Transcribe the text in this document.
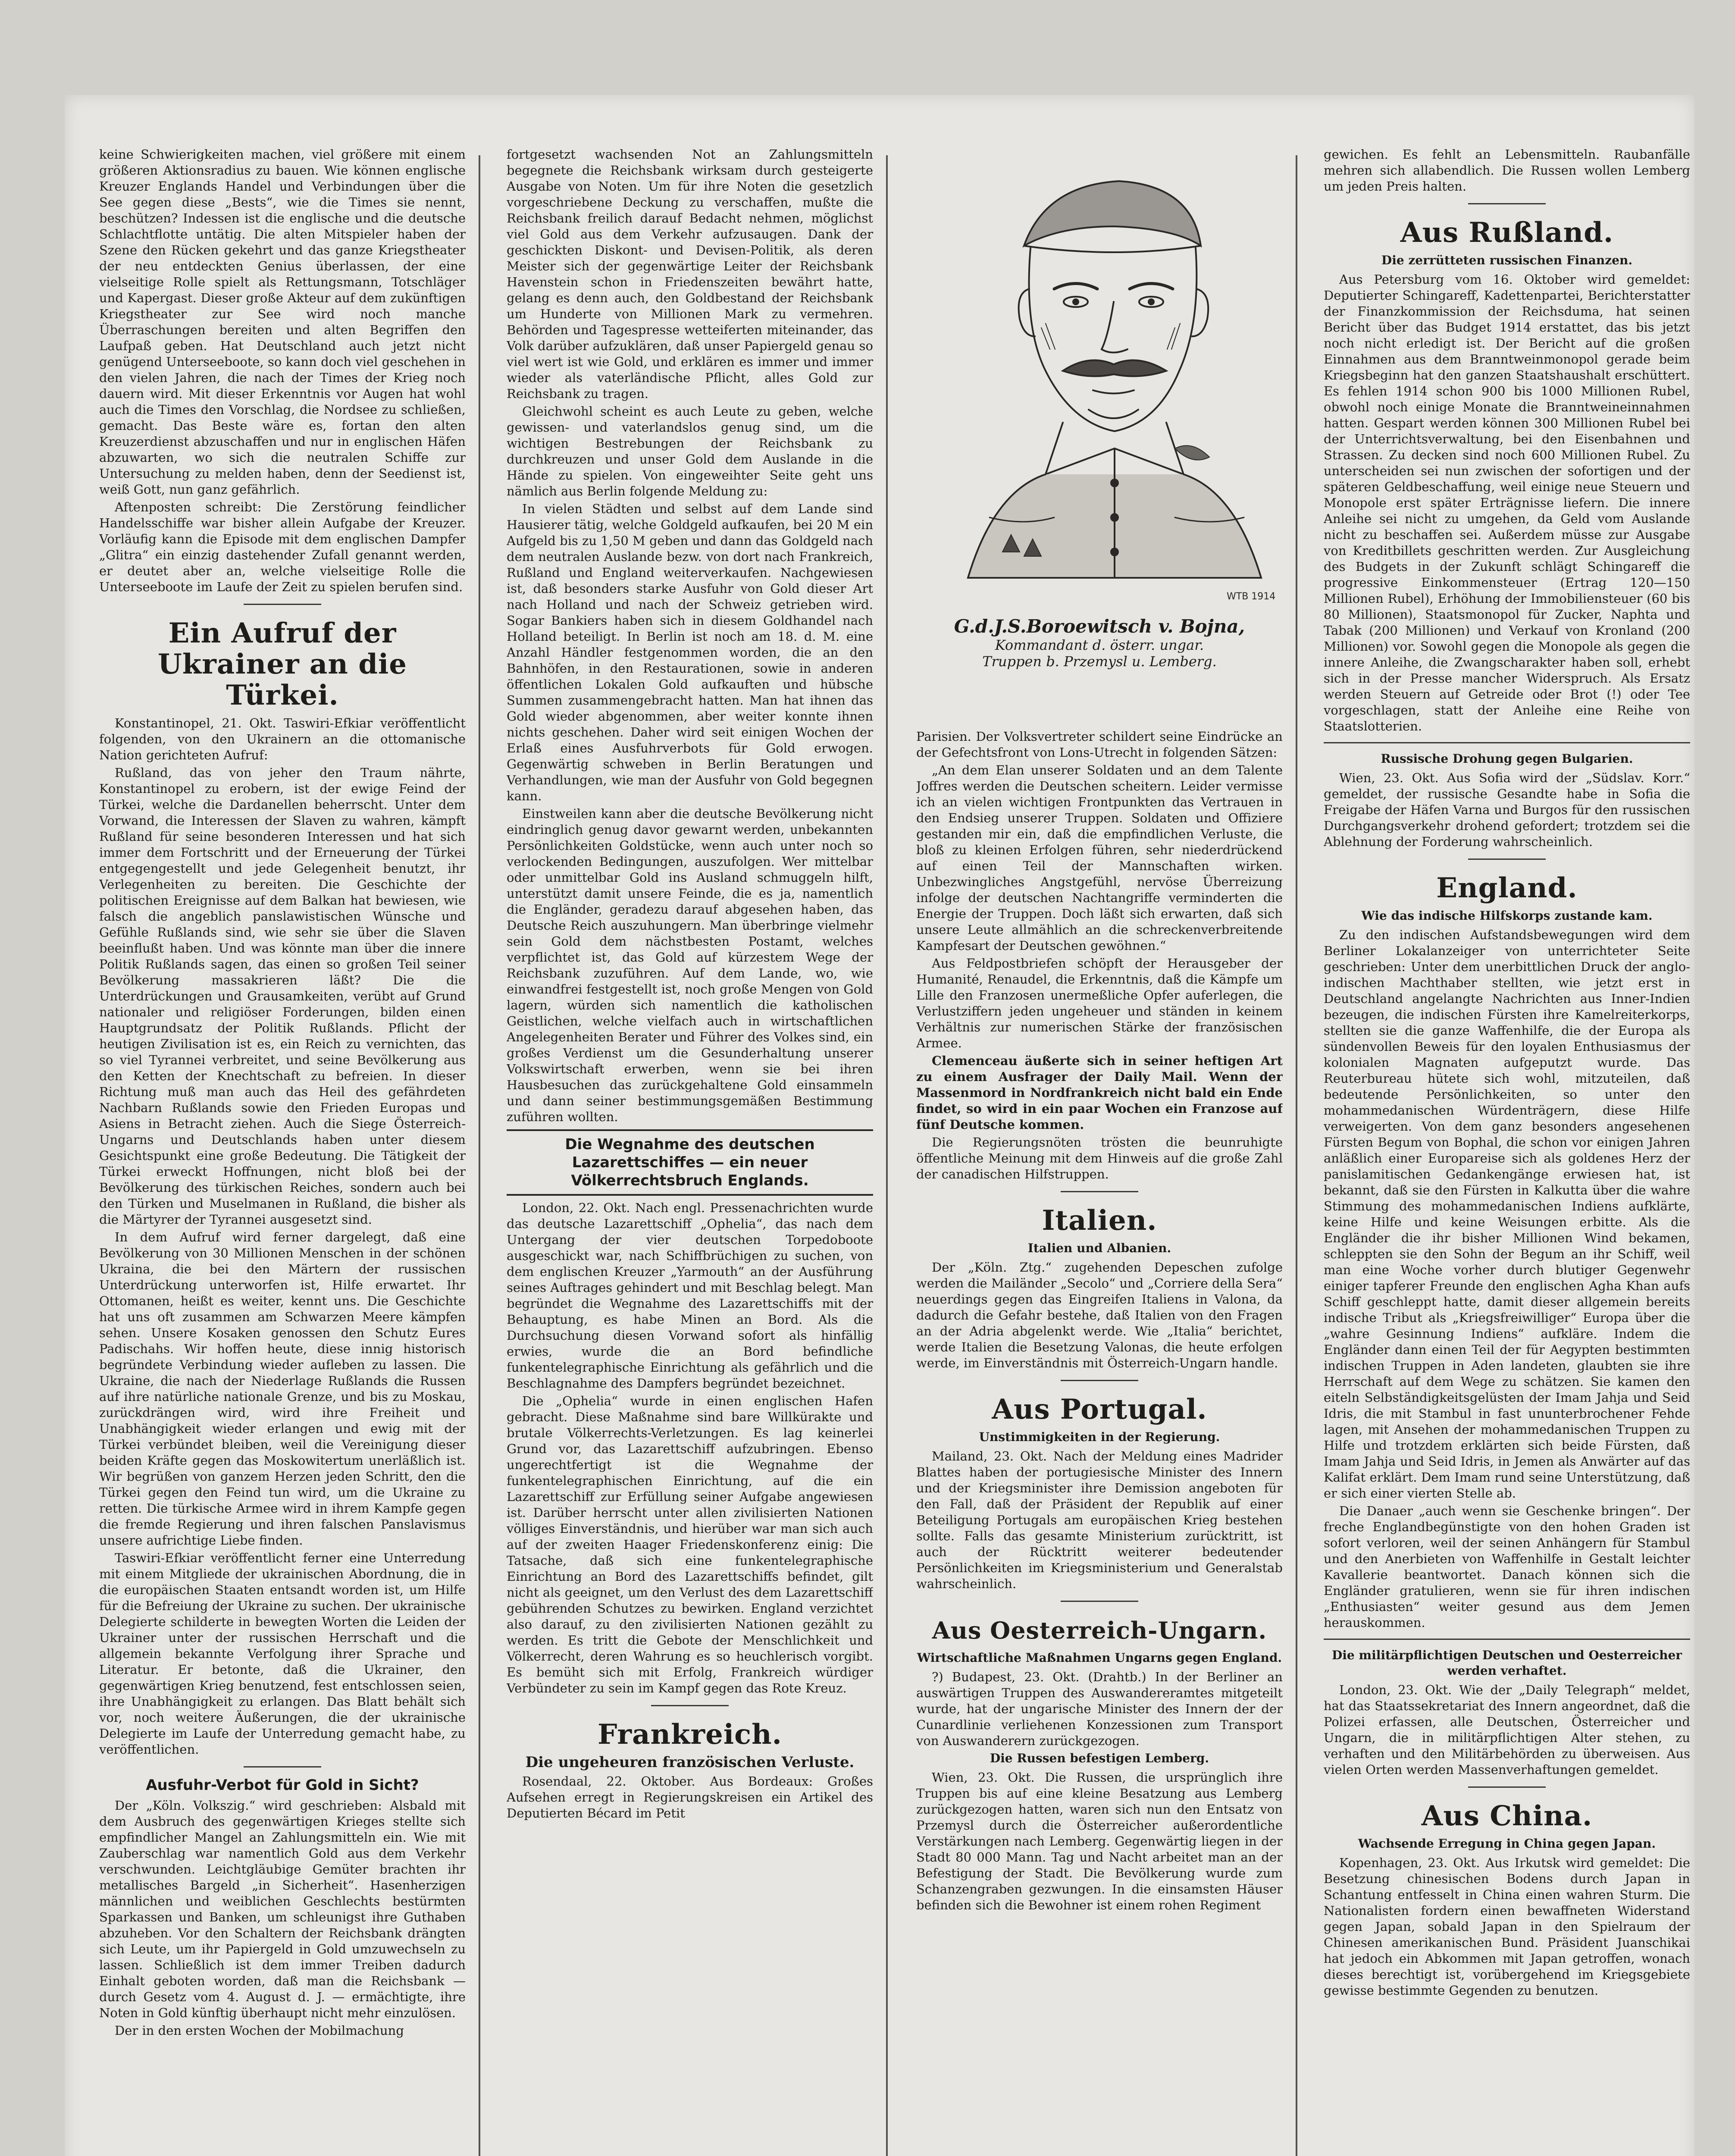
keine Schwierigkeiten machen, viel größere mit einem größeren Aktionsradius zu bauen. Wie können englische Kreuzer Englands Handel und Verbindungen über die See gegen diese „Bests“, wie die Times sie nennt, beschützen? Indessen ist die englische und die deutsche Schlachtflotte untätig. Die alten Mitspieler haben der Szene den Rücken gekehrt und das ganze Kriegstheater der neu entdeckten Genius überlassen, der eine vielseitige Rolle spielt als Rettungsmann, Totschläger und Kapergast. Dieser große Akteur auf dem zukünftigen Kriegstheater zur See wird noch manche Überraschungen bereiten und alten Begriffen den Laufpaß geben. Hat Deutschland auch jetzt nicht genügend Unterseeboote, so kann doch viel geschehen in den vielen Jahren, die nach der Times der Krieg noch dauern wird. Mit dieser Erkenntnis vor Augen hat wohl auch die Times den Vorschlag, die Nordsee zu schließen, gemacht. Das Beste wäre es, fortan den alten Kreuzerdienst abzuschaffen und nur in englischen Häfen abzuwarten, wo sich die neutralen Schiffe zur Untersuchung zu melden haben, denn der Seedienst ist, weiß Gott, nun ganz gefährlich.

Aftenposten schreibt: Die Zerstörung feindlicher Handelsschiffe war bisher allein Aufgabe der Kreuzer. Vorläufig kann die Episode mit dem englischen Dampfer „Glitra“ ein einzig dastehender Zufall genannt werden, er deutet aber an, welche vielseitige Rolle die Unterseeboote im Laufe der Zeit zu spielen berufen sind.

Ein Aufruf der Ukrainer an die Türkei.

Konstantinopel, 21. Okt. Taswiri-Efkiar veröffentlicht folgenden, von den Ukrainern an die ottomanische Nation gerichteten Aufruf:

Rußland, das von jeher den Traum nährte, Konstantinopel zu erobern, ist der ewige Feind der Türkei, welche die Dardanellen beherrscht. Unter dem Vorwand, die Interessen der Slaven zu wahren, kämpft Rußland für seine besonderen Interessen und hat sich immer dem Fortschritt und der Erneuerung der Türkei entgegengestellt und jede Gelegenheit benutzt, ihr Verlegenheiten zu bereiten. Die Geschichte der politischen Ereignisse auf dem Balkan hat bewiesen, wie falsch die angeblich panslawistischen Wünsche und Gefühle Rußlands sind, wie sehr sie über die Slaven beeinflußt haben. Und was könnte man über die innere Politik Rußlands sagen, das einen so großen Teil seiner Bevölkerung massakrieren läßt? Die die Unterdrückungen und Grausamkeiten, verübt auf Grund nationaler und religiöser Forderungen, bilden einen Hauptgrundsatz der Politik Rußlands. Pflicht der heutigen Zivilisation ist es, ein Reich zu vernichten, das so viel Tyrannei verbreitet, und seine Bevölkerung aus den Ketten der Knechtschaft zu befreien. In dieser Richtung muß man auch das Heil des gefährdeten Nachbarn Rußlands sowie den Frieden Europas und Asiens in Betracht ziehen. Auch die Siege Österreich-Ungarns und Deutschlands haben unter diesem Gesichtspunkt eine große Bedeutung. Die Tätigkeit der Türkei erweckt Hoffnungen, nicht bloß bei der Bevölkerung des türkischen Reiches, sondern auch bei den Türken und Muselmanen in Rußland, die bisher als die Märtyrer der Tyrannei ausgesetzt sind.

In dem Aufruf wird ferner dargelegt, daß eine Bevölkerung von 30 Millionen Menschen in der schönen Ukraina, die bei den Märtern der russischen Unterdrückung unterworfen ist, Hilfe erwartet. Ihr Ottomanen, heißt es weiter, kennt uns. Die Geschichte hat uns oft zusammen am Schwarzen Meere kämpfen sehen. Unsere Kosaken genossen den Schutz Eures Padischahs. Wir hoffen heute, diese innig historisch begründete Verbindung wieder aufleben zu lassen. Die Ukraine, die nach der Niederlage Rußlands die Russen auf ihre natürliche nationale Grenze, und bis zu Moskau, zurückdrängen wird, wird ihre Freiheit und Unabhängigkeit wieder erlangen und ewig mit der Türkei verbündet bleiben, weil die Vereinigung dieser beiden Kräfte gegen das Moskowitertum unerläßlich ist. Wir begrüßen von ganzem Herzen jeden Schritt, den die Türkei gegen den Feind tun wird, um die Ukraine zu retten. Die türkische Armee wird in ihrem Kampfe gegen die fremde Regierung und ihren falschen Panslavismus unsere aufrichtige Liebe finden.

Taswiri-Efkiar veröffentlicht ferner eine Unterredung mit einem Mitgliede der ukrainischen Abordnung, die in die europäischen Staaten entsandt worden ist, um Hilfe für die Befreiung der Ukraine zu suchen. Der ukrainische Delegierte schilderte in bewegten Worten die Leiden der Ukrainer unter der russischen Herrschaft und die allgemein bekannte Verfolgung ihrer Sprache und Literatur. Er betonte, daß die Ukrainer, den gegenwärtigen Krieg benutzend, fest entschlossen seien, ihre Unabhängigkeit zu erlangen. Das Blatt behält sich vor, noch weitere Äußerungen, die der ukrainische Delegierte im Laufe der Unterredung gemacht habe, zu veröffentlichen.

Ausfuhr-Verbot für Gold in Sicht?

Der „Köln. Volkszig.“ wird geschrieben: Alsbald mit dem Ausbruch des gegenwärtigen Krieges stellte sich empfindlicher Mangel an Zahlungsmitteln ein. Wie mit Zauberschlag war namentlich Gold aus dem Verkehr verschwunden. Leichtgläubige Gemüter brachten ihr metallisches Bargeld „in Sicherheit“. Hasenherzigen männlichen und weiblichen Geschlechts bestürmten Sparkassen und Banken, um schleunigst ihre Guthaben abzuheben. Vor den Schaltern der Reichsbank drängten sich Leute, um ihr Papiergeld in Gold umzuwechseln zu lassen. Schließlich ist dem immer Treiben dadurch Einhalt geboten worden, daß man die Reichsbank — durch Gesetz vom 4. August d. J. — ermächtigte, ihre Noten in Gold künftig überhaupt nicht mehr einzulösen.

Der in den ersten Wochen der Mobilmachung

fortgesetzt wachsenden Not an Zahlungsmitteln begegnete die Reichsbank wirksam durch gesteigerte Ausgabe von Noten. Um für ihre Noten die gesetzlich vorgeschriebene Deckung zu verschaffen, mußte die Reichsbank freilich darauf Bedacht nehmen, möglichst viel Gold aus dem Verkehr aufzusaugen. Dank der geschickten Diskont- und Devisen-Politik, als deren Meister sich der gegenwärtige Leiter der Reichsbank Havenstein schon in Friedenszeiten bewährt hatte, gelang es denn auch, den Goldbestand der Reichsbank um Hunderte von Millionen Mark zu vermehren. Behörden und Tagespresse wetteiferten miteinander, das Volk darüber aufzuklären, daß unser Papiergeld genau so viel wert ist wie Gold, und erklären es immer und immer wieder als vaterländische Pflicht, alles Gold zur Reichsbank zu tragen.

Gleichwohl scheint es auch Leute zu geben, welche gewissen- und vaterlandslos genug sind, um die wichtigen Bestrebungen der Reichsbank zu durchkreuzen und unser Gold dem Auslande in die Hände zu spielen. Von eingeweihter Seite geht uns nämlich aus Berlin folgende Meldung zu:

In vielen Städten und selbst auf dem Lande sind Hausierer tätig, welche Goldgeld aufkaufen, bei 20 M ein Aufgeld bis zu 1,50 M geben und dann das Goldgeld nach dem neutralen Auslande bezw. von dort nach Frankreich, Rußland und England weiterverkaufen. Nachgewiesen ist, daß besonders starke Ausfuhr von Gold dieser Art nach Holland und nach der Schweiz getrieben wird. Sogar Bankiers haben sich in diesem Goldhandel nach Holland beteiligt. In Berlin ist noch am 18. d. M. eine Anzahl Händler festgenommen worden, die an den Bahnhöfen, in den Restaurationen, sowie in anderen öffentlichen Lokalen Gold aufkauften und hübsche Summen zusammengebracht hatten. Man hat ihnen das Gold wieder abgenommen, aber weiter konnte ihnen nichts geschehen. Daher wird seit einigen Wochen der Erlaß eines Ausfuhrverbots für Gold erwogen. Gegenwärtig schweben in Berlin Beratungen und Verhandlungen, wie man der Ausfuhr von Gold begegnen kann.

Einstweilen kann aber die deutsche Bevölkerung nicht eindringlich genug davor gewarnt werden, unbekannten Persönlichkeiten Goldstücke, wenn auch unter noch so verlockenden Bedingungen, auszufolgen. Wer mittelbar oder unmittelbar Gold ins Ausland schmuggeln hilft, unterstützt damit unsere Feinde, die es ja, namentlich die Engländer, geradezu darauf abgesehen haben, das Deutsche Reich auszuhungern. Man überbringe vielmehr sein Gold dem nächstbesten Postamt, welches verpflichtet ist, das Gold auf kürzestem Wege der Reichsbank zuzuführen. Auf dem Lande, wo, wie einwandfrei festgestellt ist, noch große Mengen von Gold lagern, würden sich namentlich die katholischen Geistlichen, welche vielfach auch in wirtschaftlichen Angelegenheiten Berater und Führer des Volkes sind, ein großes Verdienst um die Gesunderhaltung unserer Volkswirtschaft erwerben, wenn sie bei ihren Hausbesuchen das zurückgehaltene Gold einsammeln und dann seiner bestimmungsgemäßen Bestimmung zuführen wollten.

Die Wegnahme des deutschen Lazarettschiffes — ein neuer Völkerrechtsbruch Englands.

London, 22. Okt. Nach engl. Pressenachrichten wurde das deutsche Lazarettschiff „Ophelia“, das nach dem Untergang der vier deutschen Torpedoboote ausgeschickt war, nach Schiffbrüchigen zu suchen, von dem englischen Kreuzer „Yarmouth“ an der Ausführung seines Auftrages gehindert und mit Beschlag belegt. Man begründet die Wegnahme des Lazarettschiffs mit der Behauptung, es habe Minen an Bord. Als die Durchsuchung diesen Vorwand sofort als hinfällig erwies, wurde die an Bord befindliche funkentelegraphische Einrichtung als gefährlich und die Beschlagnahme des Dampfers begründet bezeichnet.

Die „Ophelia“ wurde in einen englischen Hafen gebracht. Diese Maßnahme sind bare Willkürakte und brutale Völkerrechts-Verletzungen. Es lag keinerlei Grund vor, das Lazarettschiff aufzubringen. Ebenso ungerechtfertigt ist die Wegnahme der funkentelegraphischen Einrichtung, auf die ein Lazarettschiff zur Erfüllung seiner Aufgabe angewiesen ist. Darüber herrscht unter allen zivilisierten Nationen völliges Einverständnis, und hierüber war man sich auch auf der zweiten Haager Friedenskonferenz einig: Die Tatsache, daß sich eine funkentelegraphische Einrichtung an Bord des Lazarettschiffs befindet, gilt nicht als geeignet, um den Verlust des dem Lazarettschiff gebührenden Schutzes zu bewirken. England verzichtet also darauf, zu den zivilisierten Nationen gezählt zu werden. Es tritt die Gebote der Menschlichkeit und Völkerrecht, deren Wahrung es so heuchlerisch vorgibt. Es bemüht sich mit Erfolg, Frankreich würdiger Verbündeter zu sein im Kampf gegen das Rote Kreuz.

Frankreich.
Die ungeheuren französischen Verluste.

Rosendaal, 22. Oktober. Aus Bordeaux: Großes Aufsehen erregt in Regierungskreisen ein Artikel des Deputierten Bécard im Petit

WTB 1914
G.d.J.S.Boroewitsch v. Bojna,
Kommandant d. österr. ungar.
Truppen b. Przemysl u. Lemberg.

Parisien. Der Volksvertreter schildert seine Eindrücke an der Gefechtsfront von Lons-Utrecht in folgenden Sätzen:

„An dem Elan unserer Soldaten und an dem Talente Joffres werden die Deutschen scheitern. Leider vermisse ich an vielen wichtigen Frontpunkten das Vertrauen in den Endsieg unserer Truppen. Soldaten und Offiziere gestanden mir ein, daß die empfindlichen Verluste, die bloß zu kleinen Erfolgen führen, sehr niederdrückend auf einen Teil der Mannschaften wirken. Unbezwingliches Angstgefühl, nervöse Überreizung infolge der deutschen Nachtangriffe verminderten die Energie der Truppen. Doch läßt sich erwarten, daß sich unsere Leute allmählich an die schreckenverbreitende Kampfesart der Deutschen gewöhnen.“

Aus Feldpostbriefen schöpft der Herausgeber der Humanité, Renaudel, die Erkenntnis, daß die Kämpfe um Lille den Franzosen unermeßliche Opfer auferlegen, die Verlustziffern jeden ungeheuer und ständen in keinem Verhältnis zur numerischen Stärke der französischen Armee.

Clemenceau äußerte sich in seiner heftigen Art zu einem Ausfrager der Daily Mail. Wenn der Massenmord in Nordfrankreich nicht bald ein Ende findet, so wird in ein paar Wochen ein Franzose auf fünf Deutsche kommen.

Die Regierungsnöten trösten die beunruhigte öffentliche Meinung mit dem Hinweis auf die große Zahl der canadischen Hilfstruppen.

Italien.
Italien und Albanien.

Der „Köln. Ztg.“ zugehenden Depeschen zufolge werden die Mailänder „Secolo“ und „Corriere della Sera“ neuerdings gegen das Eingreifen Italiens in Valona, da dadurch die Gefahr bestehe, daß Italien von den Fragen an der Adria abgelenkt werde. Wie „Italia“ berichtet, werde Italien die Besetzung Valonas, die heute erfolgen werde, im Einverständnis mit Österreich-Ungarn handle.

Aus Portugal.
Unstimmigkeiten in der Regierung.

Mailand, 23. Okt. Nach der Meldung eines Madrider Blattes haben der portugiesische Minister des Innern und der Kriegsminister ihre Demission angeboten für den Fall, daß der Präsident der Republik auf einer Beteiligung Portugals am europäischen Krieg bestehen sollte. Falls das gesamte Ministerium zurücktritt, ist auch der Rücktritt weiterer bedeutender Persönlichkeiten im Kriegsministerium und Generalstab wahrscheinlich.

Aus Oesterreich-Ungarn.
Wirtschaftliche Maßnahmen Ungarns gegen England.

?) Budapest, 23. Okt. (Drahtb.) In der Berliner an auswärtigen Truppen des Auswandereramtes mitgeteilt wurde, hat der ungarische Minister des Innern der der Cunardlinie verliehenen Konzessionen zum Transport von Auswanderern zurückgezogen.

Die Russen befestigen Lemberg.

Wien, 23. Okt. Die Russen, die ursprünglich ihre Truppen bis auf eine kleine Besatzung aus Lemberg zurückgezogen hatten, waren sich nun den Entsatz von Przemysl durch die Österreicher außerordentliche Verstärkungen nach Lemberg. Gegenwärtig liegen in der Stadt 80 000 Mann. Tag und Nacht arbeitet man an der Befestigung der Stadt. Die Bevölkerung wurde zum Schanzengraben gezwungen. In die einsamsten Häuser befinden sich die Bewohner ist einem rohen Regiment

gewichen. Es fehlt an Lebensmitteln. Raubanfälle mehren sich allabendlich. Die Russen wollen Lemberg um jeden Preis halten.

Aus Rußland.
Die zerrütteten russischen Finanzen.

Aus Petersburg vom 16. Oktober wird gemeldet: Deputierter Schingareff, Kadettenpartei, Berichterstatter der Finanzkommission der Reichsduma, hat seinen Bericht über das Budget 1914 erstattet, das bis jetzt noch nicht erledigt ist. Der Bericht auf die großen Einnahmen aus dem Branntweinmonopol gerade beim Kriegsbeginn hat den ganzen Staatshaushalt erschüttert. Es fehlen 1914 schon 900 bis 1000 Millionen Rubel, obwohl noch einige Monate die Branntweineinnahmen hatten. Gespart werden können 300 Millionen Rubel bei der Unterrichtsverwaltung, bei den Eisenbahnen und Strassen. Zu decken sind noch 600 Millionen Rubel. Zu unterscheiden sei nun zwischen der sofortigen und der späteren Geldbeschaffung, weil einige neue Steuern und Monopole erst später Erträgnisse liefern. Die innere Anleihe sei nicht zu umgehen, da Geld vom Auslande nicht zu beschaffen sei. Außerdem müsse zur Ausgabe von Kreditbillets geschritten werden. Zur Ausgleichung des Budgets in der Zukunft schlägt Schingareff die progressive Einkommensteuer (Ertrag 120—150 Millionen Rubel), Erhöhung der Immobiliensteuer (60 bis 80 Millionen), Staatsmonopol für Zucker, Naphta und Tabak (200 Millionen) und Verkauf von Kronland (200 Millionen) vor. Sowohl gegen die Monopole als gegen die innere Anleihe, die Zwangscharakter haben soll, erhebt sich in der Presse mancher Widerspruch. Als Ersatz werden Steuern auf Getreide oder Brot (!) oder Tee vorgeschlagen, statt der Anleihe eine Reihe von Staatslotterien.

Russische Drohung gegen Bulgarien.

Wien, 23. Okt. Aus Sofia wird der „Südslav. Korr.“ gemeldet, der russische Gesandte habe in Sofia die Freigabe der Häfen Varna und Burgos für den russischen Durchgangsverkehr drohend gefordert; trotzdem sei die Ablehnung der Forderung wahrscheinlich.

England.
Wie das indische Hilfskorps zustande kam.

Zu den indischen Aufstandsbewegungen wird dem Berliner Lokalanzeiger von unterrichteter Seite geschrieben: Unter dem unerbittlichen Druck der anglo-indischen Machthaber stellten, wie jetzt erst in Deutschland angelangte Nachrichten aus Inner-Indien bezeugen, die indischen Fürsten ihre Kamelreiterkorps, stellten sie die ganze Waffenhilfe, die der Europa als sündenvollen Beweis für den loyalen Enthusiasmus der kolonialen Magnaten aufgeputzt wurde. Das Reuterbureau hütete sich wohl, mitzuteilen, daß bedeutende Persönlichkeiten, so unter den mohammedanischen Würdenträgern, diese Hilfe verweigerten. Von dem ganz besonders angesehenen Fürsten Begum von Bophal, die schon vor einigen Jahren anläßlich einer Europareise sich als goldenes Herz der panislamitischen Gedankengänge erwiesen hat, ist bekannt, daß sie den Fürsten in Kalkutta über die wahre Stimmung des mohammedanischen Indiens aufklärte, keine Hilfe und keine Weisungen erbitte. Als die Engländer die ihr bisher Millionen Wind bekamen, schleppten sie den Sohn der Begum an ihr Schiff, weil man eine Woche vorher durch blutiger Gegenwehr einiger tapferer Freunde den englischen Agha Khan aufs Schiff geschleppt hatte, damit dieser allgemein bereits indische Tribut als „Kriegsfreiwilliger“ Europa über die „wahre Gesinnung Indiens“ aufkläre. Indem die Engländer dann einen Teil der für Aegypten bestimmten indischen Truppen in Aden landeten, glaubten sie ihre Herrschaft auf dem Wege zu schätzen. Sie kamen den eiteln Selbständigkeitsgelüsten der Imam Jahja und Seid Idris, die mit Stambul in fast ununterbrochener Fehde lagen, mit Ansehen der mohammedanischen Truppen zu Hilfe und trotzdem erklärten sich beide Fürsten, daß Imam Jahja und Seid Idris, in Jemen als Anwärter auf das Kalifat erklärt. Dem Imam rund seine Unterstützung, daß er sich einer vierten Stelle ab.

Die Danaer „auch wenn sie Geschenke bringen“. Der freche Englandbegünstigte von den hohen Graden ist sofort verloren, weil der seinen Anhängern für Stambul und den Anerbieten von Waffenhilfe in Gestalt leichter Kavallerie beantwortet. Danach können sich die Engländer gratulieren, wenn sie für ihren indischen „Enthusiasten“ weiter gesund aus dem Jemen herauskommen.

Die militärpflichtigen Deutschen und Oesterreicher werden verhaftet.

London, 23. Okt. Wie der „Daily Telegraph“ meldet, hat das Staatssekretariat des Innern angeordnet, daß die Polizei erfassen, alle Deutschen, Österreicher und Ungarn, die in militärpflichtigen Alter stehen, zu verhaften und den Militärbehörden zu überweisen. Aus vielen Orten werden Massenverhaftungen gemeldet.

Aus China.
Wachsende Erregung in China gegen Japan.

Kopenhagen, 23. Okt. Aus Irkutsk wird gemeldet: Die Besetzung chinesischen Bodens durch Japan in Schantung entfesselt in China einen wahren Sturm. Die Nationalisten fordern einen bewaffneten Widerstand gegen Japan, sobald Japan in den Spielraum der Chinesen amerikanischen Bund. Präsident Juanschikai hat jedoch ein Abkommen mit Japan getroffen, wonach dieses berechtigt ist, vorübergehend im Kriegsgebiete gewisse bestimmte Gegenden zu benutzen.
